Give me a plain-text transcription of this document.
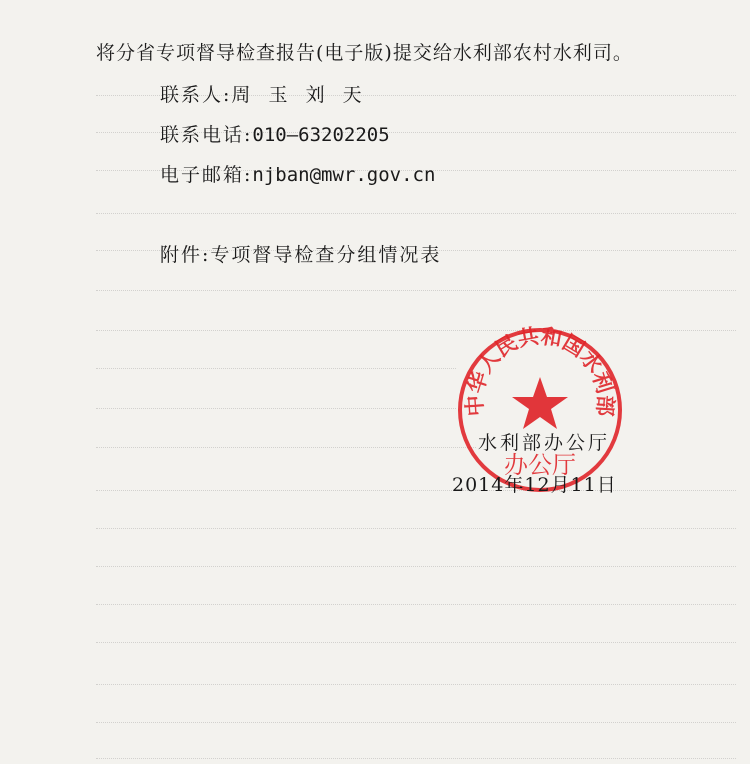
将分省专项督导检查报告(电子版)提交给水利部农村水利司。
联系人:周  玉  刘  天
联系电话:010—63202205
电子邮箱:njban@mwr.gov.cn
附件:专项督导检查分组情况表
中华人民共和国水利部
办公厅
水利部办公厅
2014年12月11日
